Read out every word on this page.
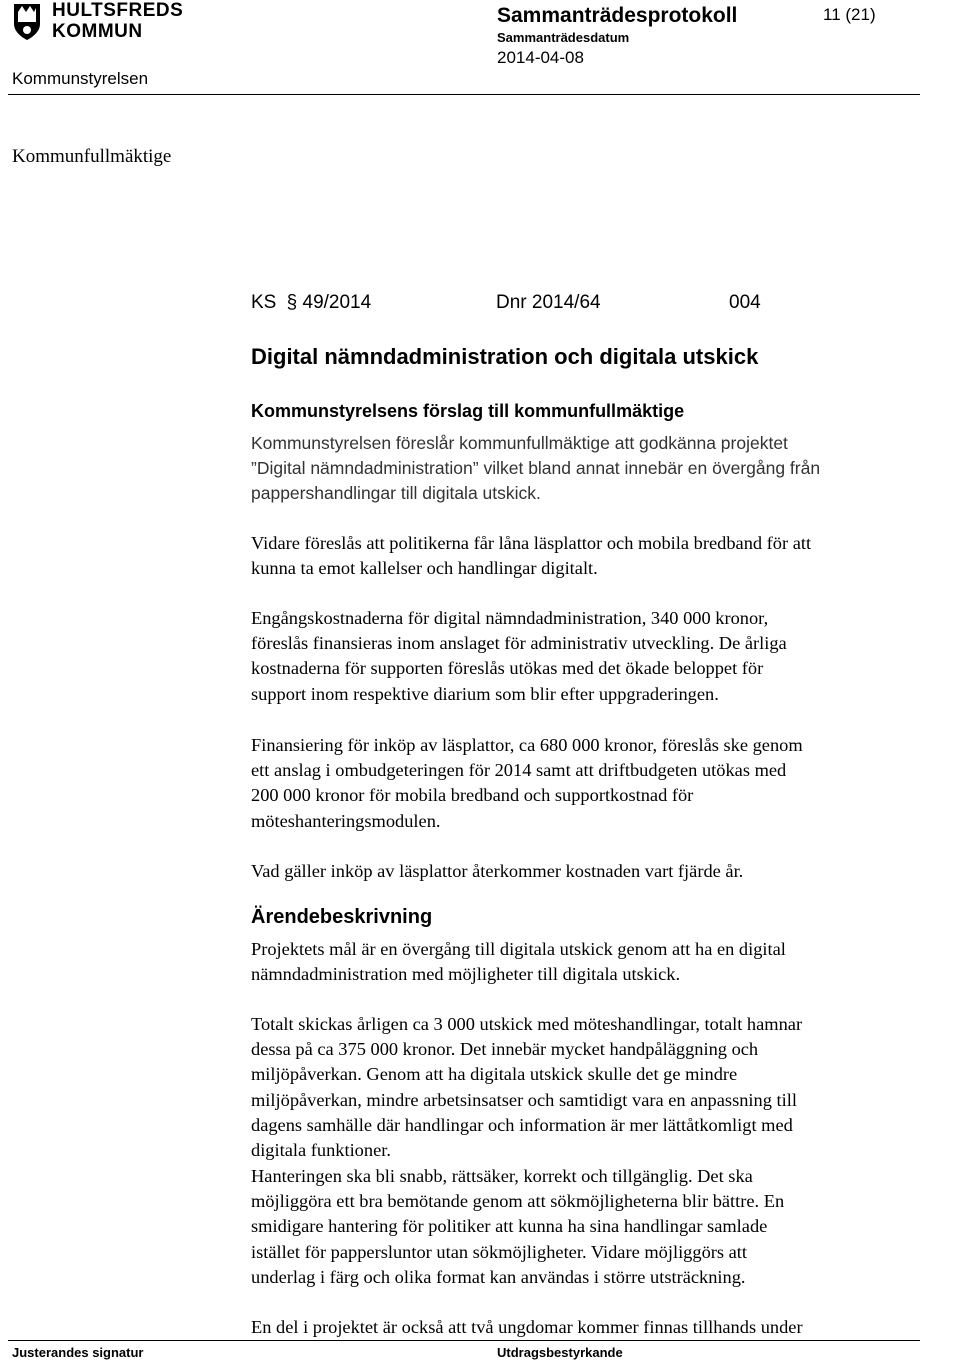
HULTSFREDS
KOMMUN
Sammanträdesprotokoll	11 (21)
Sammanträdesdatum
2014-04-08
Kommunstyrelsen
Kommunfullmäktige
KS § 49/2014	Dnr 2014/64	004
Digital nämndadministration och digitala utskick
Kommunstyrelsens förslag till kommunfullmäktige
Kommunstyrelsen föreslår kommunfullmäktige att godkänna projektet
”Digital nämndadministration” vilket bland annat innebär en övergång från
pappershandlingar till digitala utskick.

Vidare föreslås att politikerna får låna läsplattor och mobila bredband för att
kunna ta emot kallelser och handlingar digitalt.

Engångskostnaderna för digital nämndadministration, 340 000 kronor,
föreslås finansieras inom anslaget för administrativ utveckling. De årliga
kostnaderna för supporten föreslås utökas med det ökade beloppet för
support inom respektive diarium som blir efter uppgraderingen.

Finansiering för inköp av läsplattor, ca 680 000 kronor, föreslås ske genom
ett anslag i ombudgeteringen för 2014 samt att driftbudgeten utökas med
200 000 kronor för mobila bredband och supportkostnad för
möteshanteringsmodulen.

Vad gäller inköp av läsplattor återkommer kostnaden vart fjärde år.

Ärendebeskrivning

Projektets mål är en övergång till digitala utskick genom att ha en digital
nämndadministration med möjligheter till digitala utskick.

Totalt skickas årligen ca 3 000 utskick med möteshandlingar, totalt hamnar
dessa på ca 375 000 kronor. Det innebär mycket handpåläggning och
miljöpåverkan. Genom att ha digitala utskick skulle det ge mindre
miljöpåverkan, mindre arbetsinsatser och samtidigt vara en anpassning till
dagens samhälle där handlingar och information är mer lättåtkomligt med
digitala funktioner.

Hanteringen ska bli snabb, rättsäker, korrekt och tillgänglig. Det ska
möjliggöra ett bra bemötande genom att sökmöjligheterna blir bättre. En
smidigare hantering för politiker att kunna ha sina handlingar samlade
istället för pappersluntor utan sökmöjligheter. Vidare möjliggörs att
underlag i färg och olika format kan användas i större utsträckning.

En del i projektet är också att två ungdomar kommer finnas tillhands under

Justerandes signatur	Utdragsbestyrkande
